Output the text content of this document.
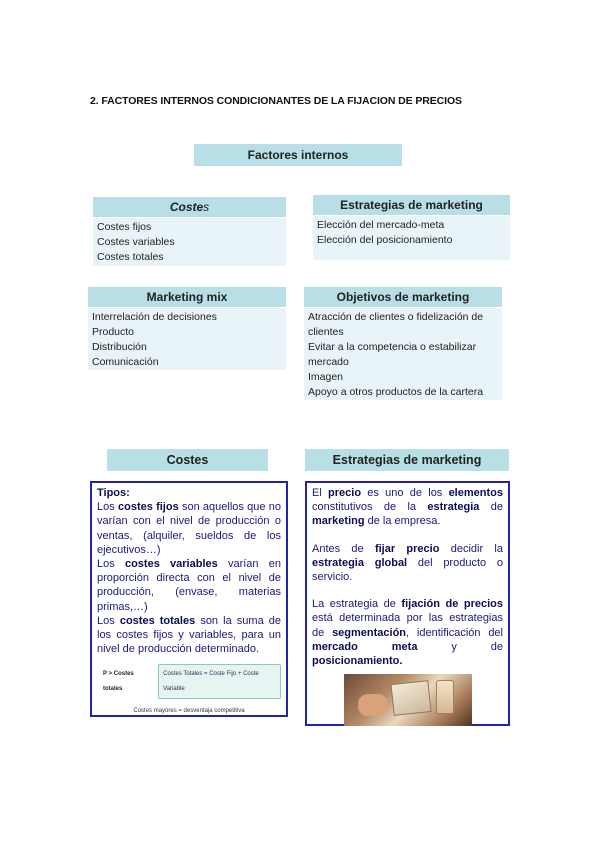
2. FACTORES INTERNOS CONDICIONANTES DE LA FIJACION DE PRECIOS
Factores internos
Costes
Costes fijos
Costes variables
Costes totales
Estrategias de marketing
Elección del mercado-meta
Elección del posicionamiento
Marketing mix
Interrelación de decisiones
Producto
Distribución
Comunicación
Objetivos de marketing
Atracción de clientes o fidelización de
clientes
Evitar a la competencia o estabilizar
mercado
Imagen
Apoyo a otros productos de la cartera
Costes

Tipos:

Los costes fijos son aquellos que no varían con el nivel de producción o ventas, (alquiler, sueldos de los ejecutivos…)

Los costes variables varían en proporción directa con el nivel de producción, (envase, materias primas,…)

Los costes totales son la suma de los costes fijos y variables, para un nivel de producción determinado.

P > Costes totales
Costes Totales = Coste Fijo + Coste Variable
Costes mayores = desventaja competitiva
Estrategias de marketing

El precio es uno de los elementos constitutivos de la estrategia de marketing de la empresa.

Antes de fijar precio decidir la estrategia global del producto o servicio.

La estrategia de fijación de precios está determinada por las estrategias de segmentación, identificación del mercado meta y de posicionamiento.
